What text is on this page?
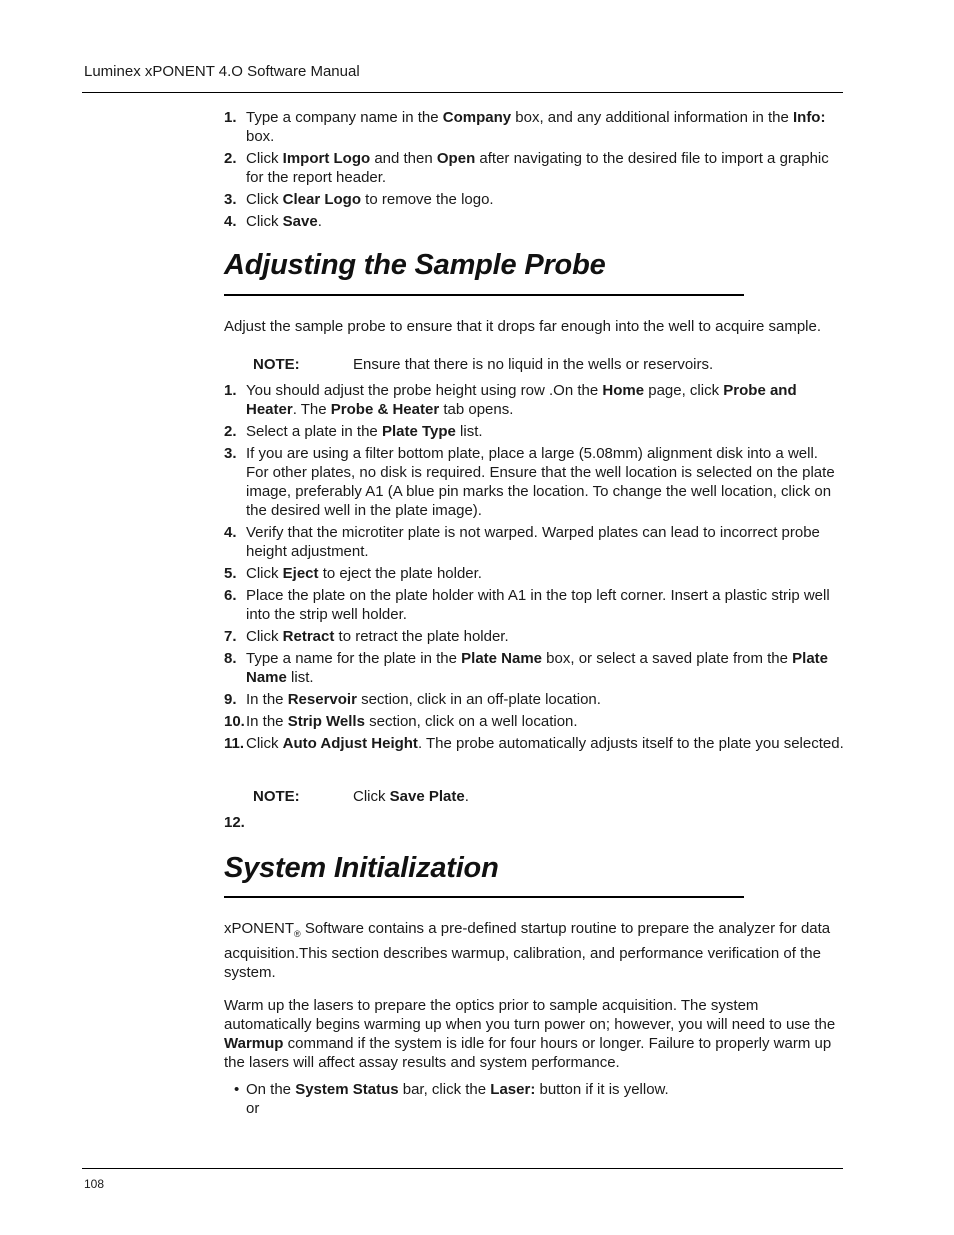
Luminex xPONENT 4.O Software Manual
1. Type a company name in the Company box, and any additional information in the Info: box.
2. Click Import Logo and then Open after navigating to the desired file to import a graphic for the report header.
3. Click Clear Logo to remove the logo.
4. Click Save.
Adjusting the Sample Probe

Adjust the sample probe to ensure that it drops far enough into the well to acquire sample.

NOTE:	Ensure that there is no liquid in the wells or reservoirs.
1. You should adjust the probe height using row .On the Home page, click Probe and Heater. The Probe & Heater tab opens.
2. Select a plate in the Plate Type list.
3. If you are using a filter bottom plate, place a large (5.08mm) alignment disk into a well. For other plates, no disk is required. Ensure that the well location is selected on the plate image, preferably A1 (A blue pin marks the location. To change the well location, click on the desired well in the plate image).
4. Verify that the microtiter plate is not warped. Warped plates can lead to incorrect probe height adjustment.
5. Click Eject to eject the plate holder.
6. Place the plate on the plate holder with A1 in the top left corner. Insert a plastic strip well into the strip well holder.
7. Click Retract to retract the plate holder.
8. Type a name for the plate in the Plate Name box, or select a saved plate from the Plate Name list.
9. In the Reservoir section, click in an off-plate location.
10. In the Strip Wells section, click on a well location.
11. Click Auto Adjust Height. The probe automatically adjusts itself to the plate you selected.
NOTE:	Click Save Plate.
12.
System Initialization

xPONENT$_®$ Software contains a pre-defined startup routine to prepare the analyzer for data acquisition.This section describes warmup, calibration, and performance verification of the system.

Warm up the lasers to prepare the optics prior to sample acquisition. The system automatically begins warming up when you turn power on; however, you will need to use the Warmup command if the system is idle for four hours or longer. Failure to properly warm up the lasers will affect assay results and system performance.

• On the System Status bar, click the Laser: button if it is yellow.
or
108
